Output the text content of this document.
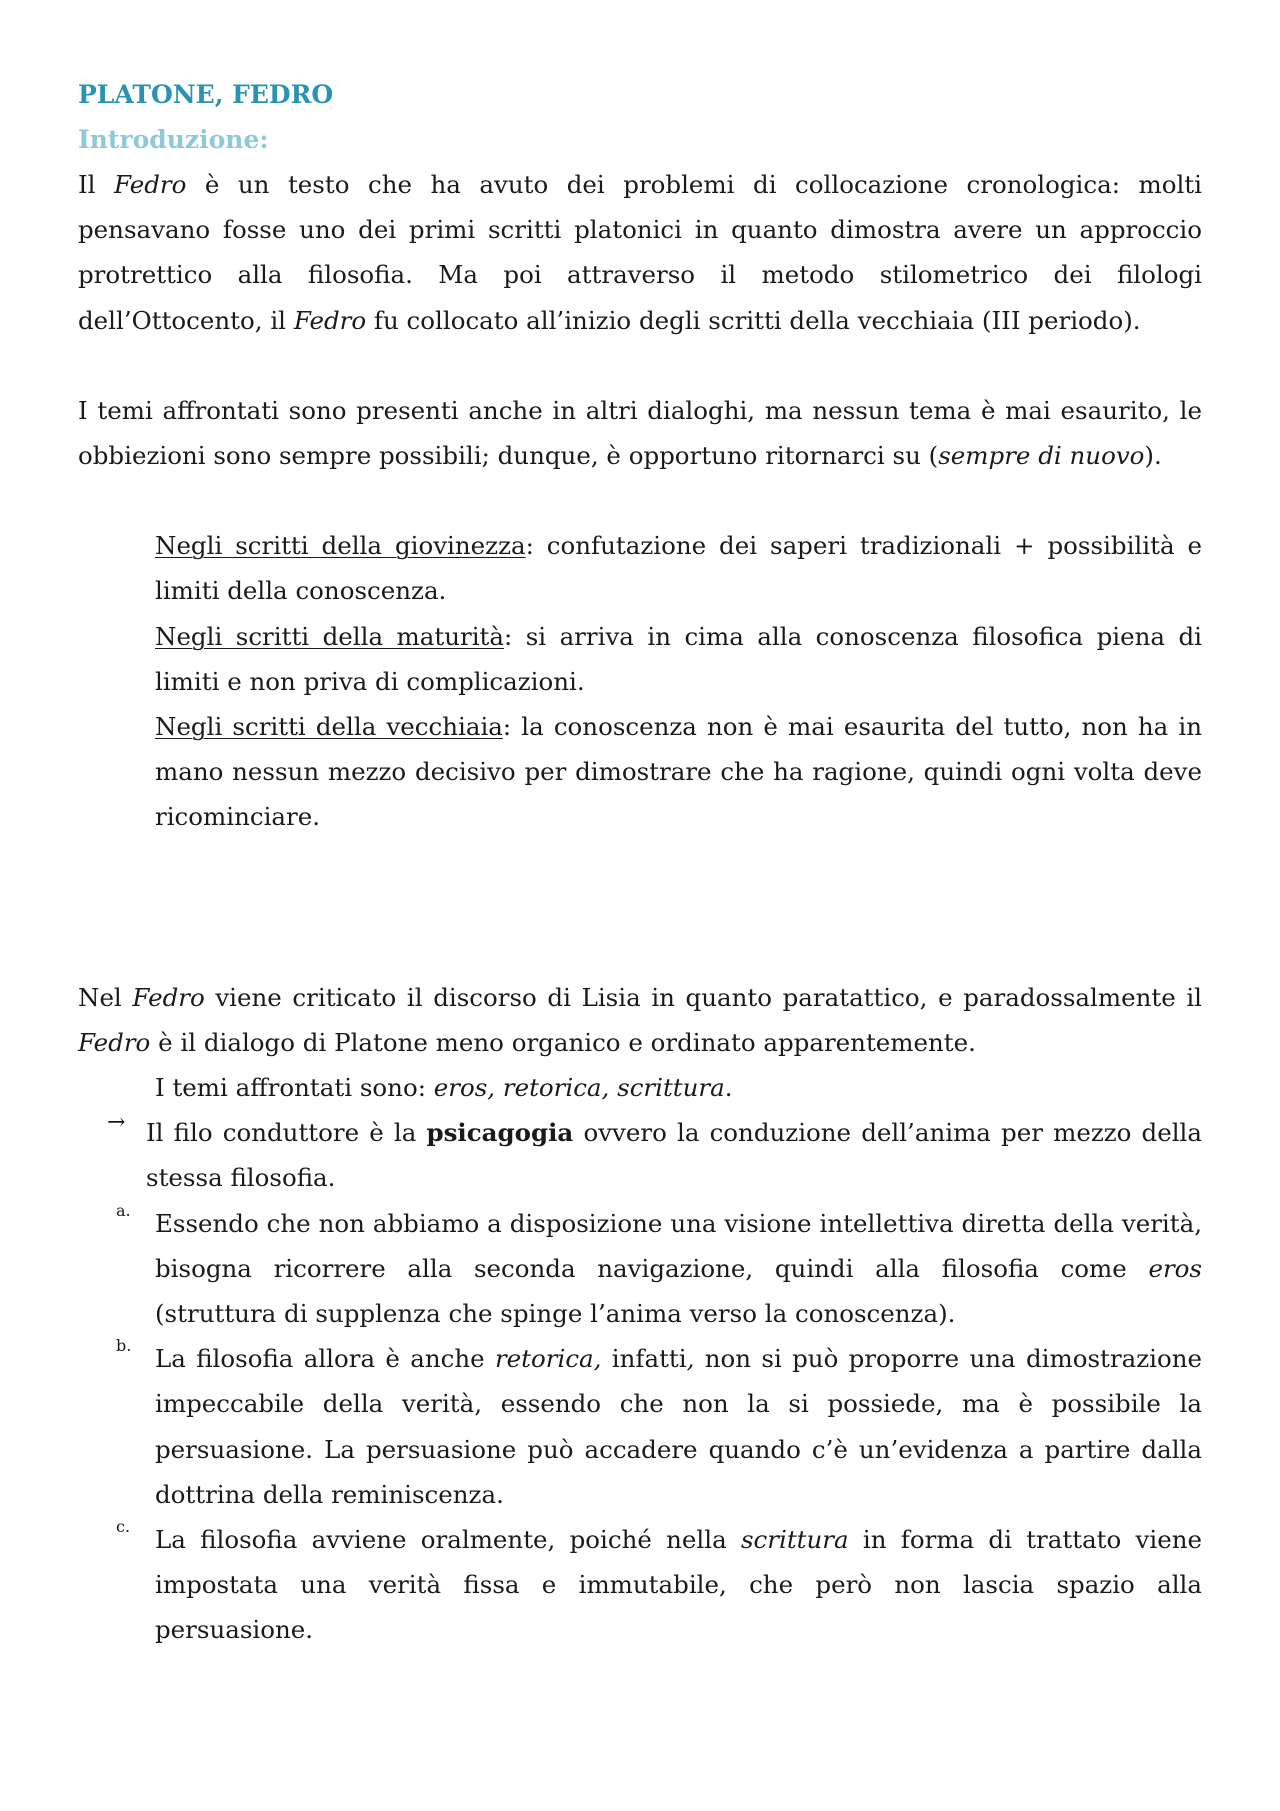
PLATONE, FEDRO
Introduzione:

Il Fedro è un testo che ha avuto dei problemi di collocazione cronologica: molti pensavano fosse uno dei primi scritti platonici in quanto dimostra avere un approccio protrettico alla filosofia. Ma poi attraverso il metodo stilometrico dei filologi dell’Ottocento, il Fedro fu collocato all’inizio degli scritti della vecchiaia (III periodo).

I temi affrontati sono presenti anche in altri dialoghi, ma nessun tema è mai esaurito, le obbiezioni sono sempre possibili; dunque, è opportuno ritornarci su (sempre di nuovo).

Negli scritti della giovinezza: confutazione dei saperi tradizionali + possibilità e limiti della conoscenza.

Negli scritti della maturità: si arriva in cima alla conoscenza filosofica piena di limiti e non priva di complicazioni.

Negli scritti della vecchiaia: la conoscenza non è mai esaurita del tutto, non ha in mano nessun mezzo decisivo per dimostrare che ha ragione, quindi ogni volta deve ricominciare.

Nel Fedro viene criticato il discorso di Lisia in quanto paratattico, e paradossalmente il Fedro è il dialogo di Platone meno organico e ordinato apparentemente.

I temi affrontati sono: eros, retorica, scrittura.

→ Il filo conduttore è la psicagogia ovvero la conduzione dell’anima per mezzo della stessa filosofia.

a. Essendo che non abbiamo a disposizione una visione intellettiva diretta della verità, bisogna ricorrere alla seconda navigazione, quindi alla filosofia come eros (struttura di supplenza che spinge l’anima verso la conoscenza).

b. La filosofia allora è anche retorica, infatti, non si può proporre una dimostrazione impeccabile della verità, essendo che non la si possiede, ma è possibile la persuasione. La persuasione può accadere quando c’è un’evidenza a partire dalla dottrina della reminiscenza.

c. La filosofia avviene oralmente, poiché nella scrittura in forma di trattato viene impostata una verità fissa e immutabile, che però non lascia spazio alla persuasione.
